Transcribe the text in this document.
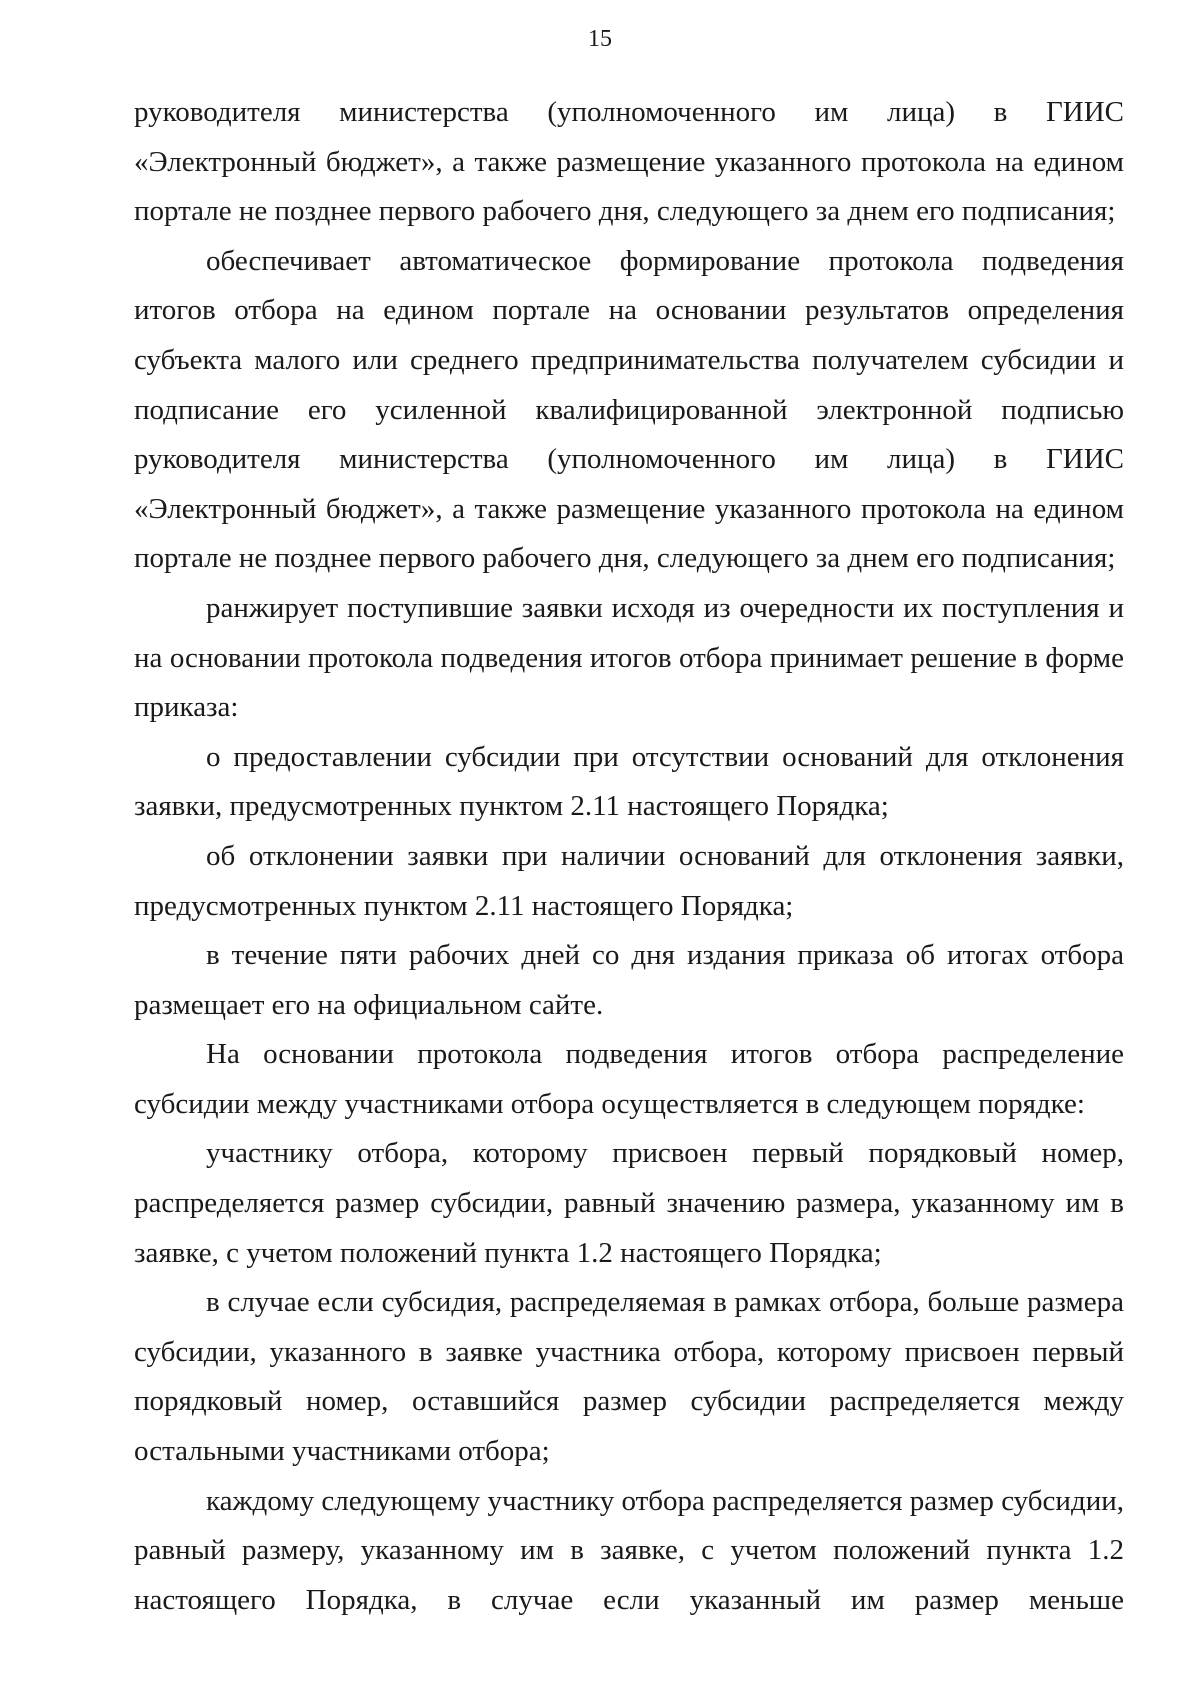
15

руководителя министерства (уполномоченного им лица) в ГИИС «Электронный бюджет», а также размещение указанного протокола на едином портале не позднее первого рабочего дня, следующего за днем его подписания;

обеспечивает автоматическое формирование протокола подведения итогов отбора на едином портале на основании результатов определения субъекта малого или среднего предпринимательства получателем субсидии и подписание его усиленной квалифицированной электронной подписью руководителя министерства (уполномоченного им лица) в ГИИС «Электронный бюджет», а также размещение указанного протокола на едином портале не позднее первого рабочего дня, следующего за днем его подписания;

ранжирует поступившие заявки исходя из очередности их поступления и на основании протокола подведения итогов отбора принимает решение в форме приказа:

о предоставлении субсидии при отсутствии оснований для отклонения заявки, предусмотренных пунктом 2.11 настоящего Порядка;

об отклонении заявки при наличии оснований для отклонения заявки, предусмотренных пунктом 2.11 настоящего Порядка;

в течение пяти рабочих дней со дня издания приказа об итогах отбора размещает его на официальном сайте.

На основании протокола подведения итогов отбора распределение субсидии между участниками отбора осуществляется в следующем порядке:

участнику отбора, которому присвоен первый порядковый номер, распределяется размер субсидии, равный значению размера, указанному им в заявке, с учетом положений пункта 1.2 настоящего Порядка;

в случае если субсидия, распределяемая в рамках отбора, больше размера субсидии, указанного в заявке участника отбора, которому присвоен первый порядковый номер, оставшийся размер субсидии распределяется между остальными участниками отбора;

каждому следующему участнику отбора распределяется размер субсидии, равный размеру, указанному им в заявке, с учетом положений пункта 1.2 настоящего Порядка, в случае если указанный им размер меньше
